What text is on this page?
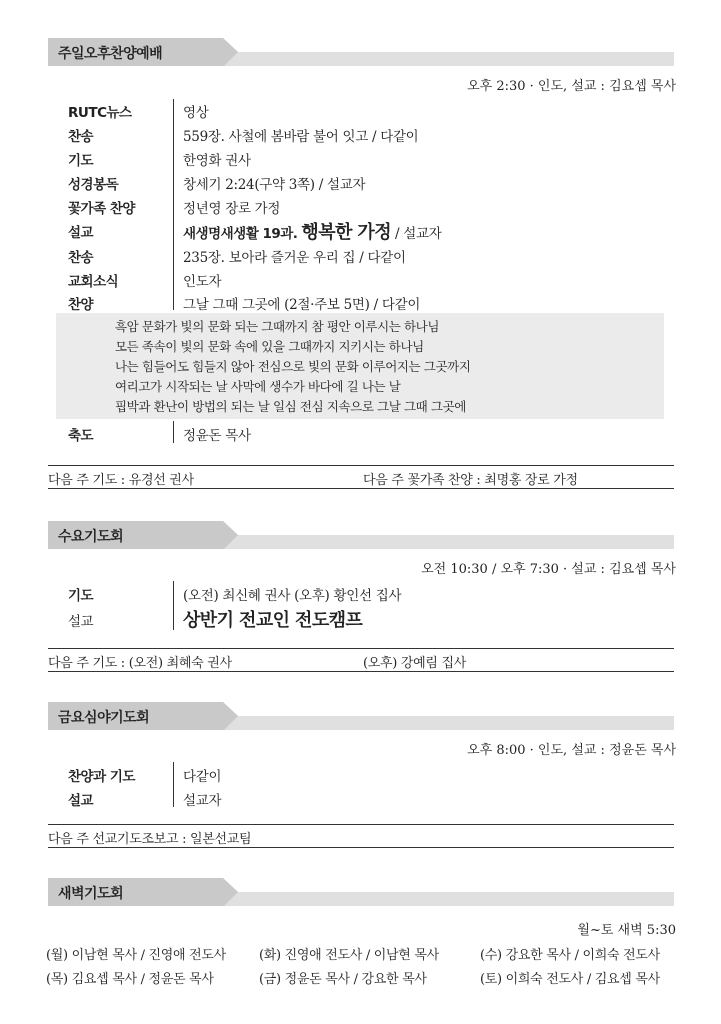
주일오후찬양예배
오후 2:30 · 인도, 설교 : 김요셉 목사
RUTC뉴스	영상
찬송	559장. 사철에 봄바람 불어 잇고 / 다같이
기도	한영화 권사
성경봉독	창세기 2:24(구약 3쪽) / 설교자
꽃가족 찬양	정년영 장로 가정
설교	새생명새생활 19과. 행복한 가정 / 설교자
찬송	235장. 보아라 즐거운 우리 집 / 다같이
교회소식	인도자
찬양	그날 그때 그곳에 (2절·주보 5면) / 다같이
흑암 문화가 빛의 문화 되는 그때까지 참 평안 이루시는 하나님
모든 족속이 빛의 문화 속에 있을 그때까지 지키시는 하나님
나는 힘들어도 힘들지 않아 전심으로 빛의 문화 이루어지는 그곳까지
여리고가 시작되는 날 사막에 생수가 바다에 길 나는 날
핍박과 환난이 방법의 되는 날 일심 전심 지속으로 그날 그때 그곳에
축도	정윤돈 목사
다음 주 기도 : 유경선 권사	다음 주 꽃가족 찬양 : 최명홍 장로 가정
수요기도회
오전 10:30 / 오후 7:30 · 설교 : 김요셉 목사
기도	(오전) 최신혜 권사 (오후) 황인선 집사
설교	상반기 전교인 전도캠프
다음 주 기도 : (오전) 최혜숙 권사	(오후) 강예림 집사
금요심야기도회
오후 8:00 · 인도, 설교 : 정윤돈 목사
찬양과 기도	다같이
설교	설교자
다음 주 선교기도조보고 : 일본선교팀
새벽기도회
월~토 새벽 5:30
(월) 이남현 목사 / 진영애 전도사	(화) 진영애 전도사 / 이남현 목사	(수) 강요한 목사 / 이희숙 전도사
(목) 김요셉 목사 / 정윤돈 목사	(금) 정윤돈 목사 / 강요한 목사	(토) 이희숙 전도사 / 김요셉 목사
